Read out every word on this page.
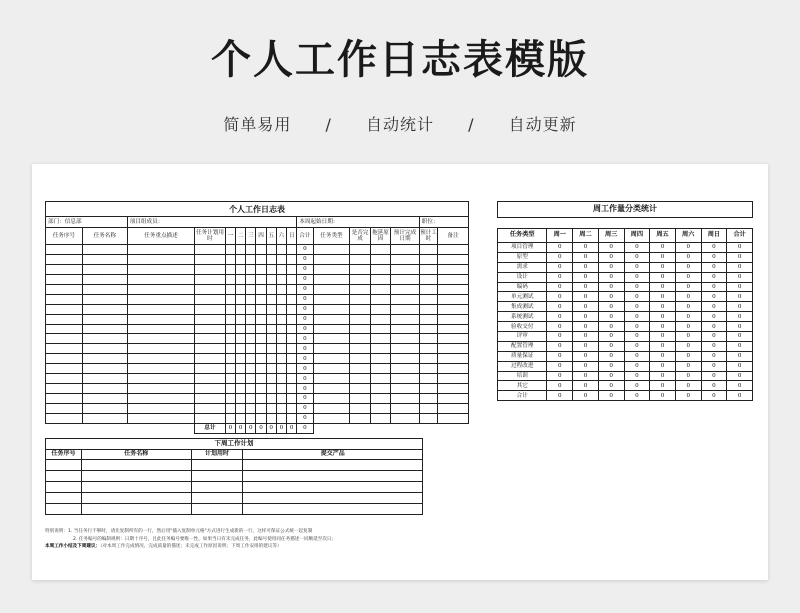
个人工作日志表模版
简单易用 / 自动统计 / 自动更新
个人工作日志表																	
部门：信息部		项目组成员：									本周起始日期：					职位：	
任务序号	任务名称	任务重点描述	任务计划用时	一	二	三	四	五	六	日	合计	任务类型	是否完成	拖延原因	预计完成日期	预计工时	备注
											0						
											0						
											0						
											0						
											0						
											0						
											0						
											0						
											0						
											0						
											0						
											0						
											0						
											0						
											0						
											0						
											0						
											0						
			总计	0	0	0	0	0	0	0	0						
下周工作计划			
任务序号	任务名称	计划用时	提交产品

周工作量分类统计								

任务类型	周一	周二	周三	周四	周五	周六	周日	合计
项目管理	0	0	0	0	0	0	0	0
原型	0	0	0	0	0	0	0	0
需求	0	0	0	0	0	0	0	0
设计	0	0	0	0	0	0	0	0
编码	0	0	0	0	0	0	0	0
单元测试	0	0	0	0	0	0	0	0
集成测试	0	0	0	0	0	0	0	0
系统测试	0	0	0	0	0	0	0	0
验收交付	0	0	0	0	0	0	0	0
评审	0	0	0	0	0	0	0	0
配置管理	0	0	0	0	0	0	0	0
质量保证	0	0	0	0	0	0	0	0
过程改进	0	0	0	0	0	0	0	0
培训	0	0	0	0	0	0	0	0
其它	0	0	0	0	0	0	0	0
合计	0	0	0	0	0	0	0	0
特别说明：1. 当任务行不够时，请先复制所有的一行，然后用"插入复制单元格"方式进行生成新的一行，这样可保证公式统一起复制
2. 任务编号的编制规则：日期十序号，且此任务编号要唯一性，如果当日有未完成任务，此编号使用同任务描述一同顺延至次日；
本周工作小结及下周建议：（对本周工作完成情况、完成质量的描述；未完成工作原因说明；下周工作安排的建议等）
